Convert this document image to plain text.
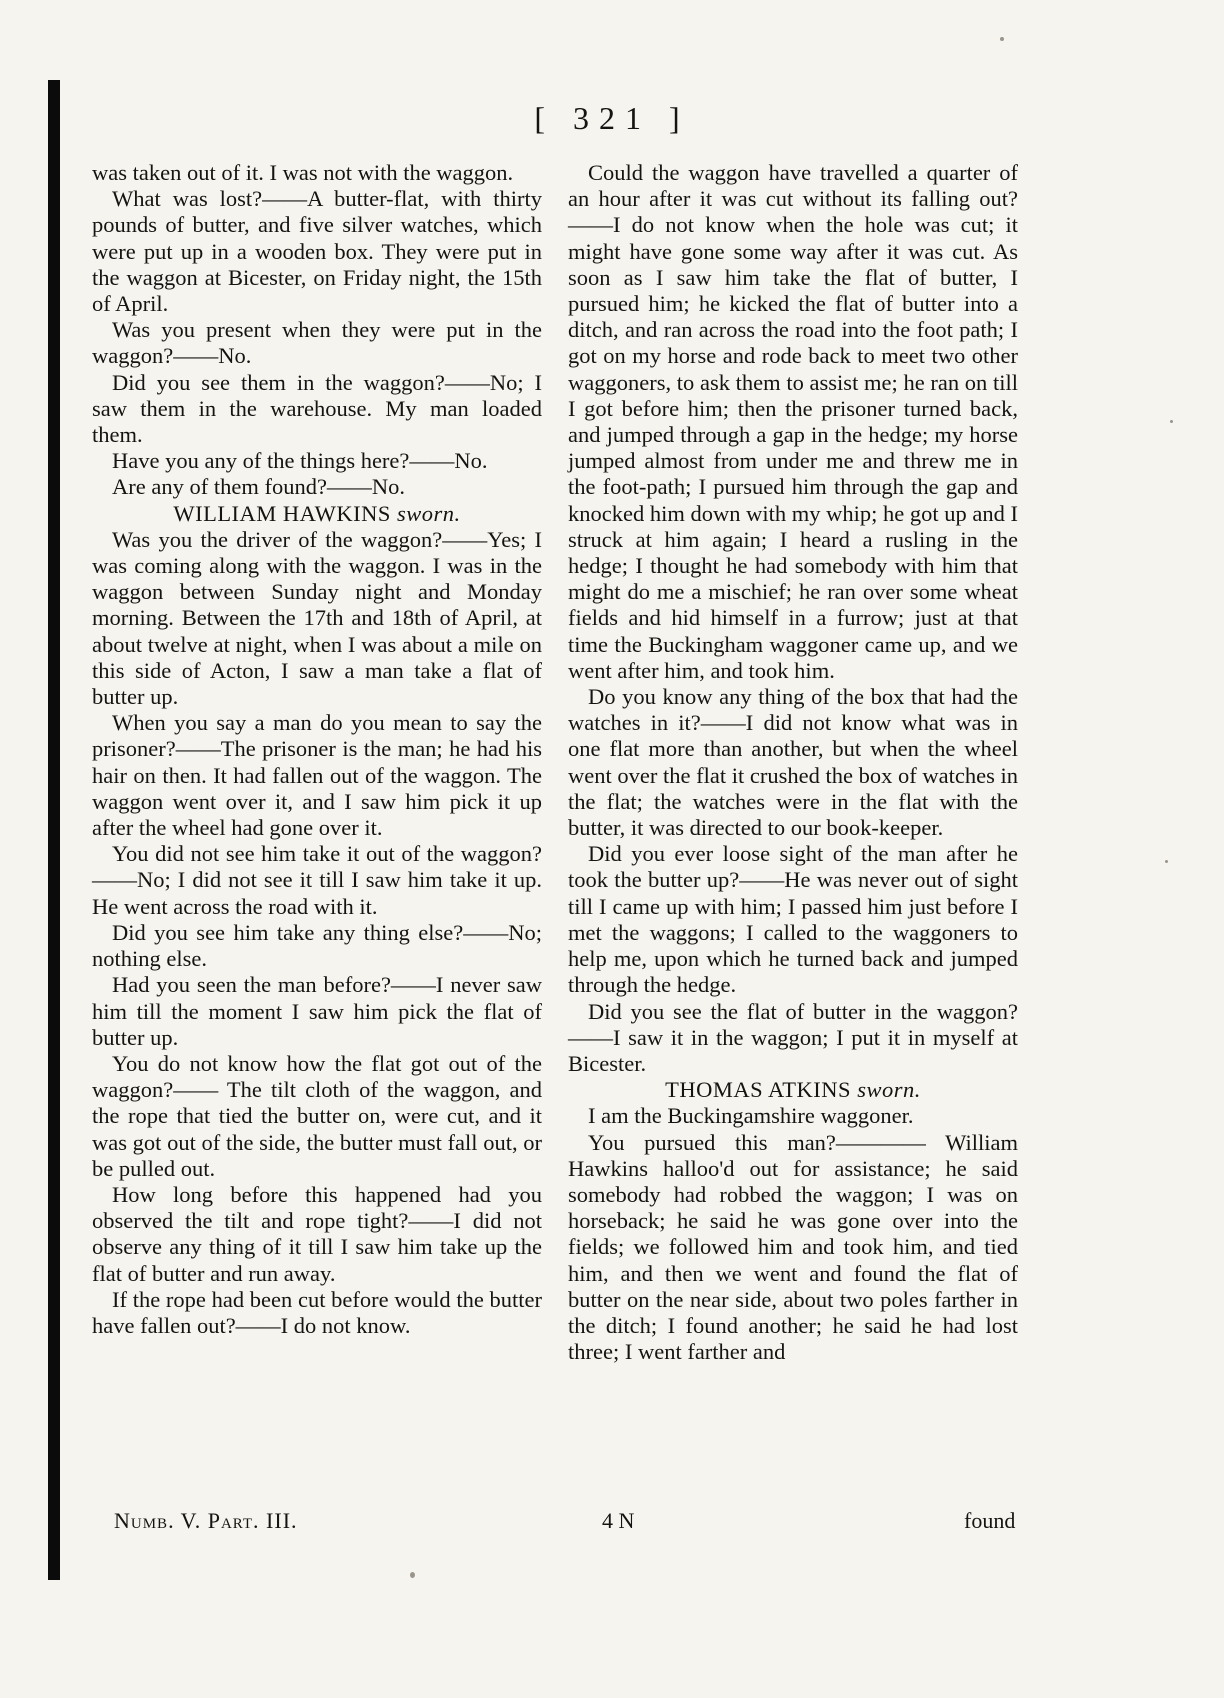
[ 321 ]

was taken out of it. I was not with the waggon.

What was lost?——A butter-flat, with thirty pounds of butter, and five silver watches, which were put up in a wooden box. They were put in the waggon at Bicester, on Friday night, the 15th of April.

Was you present when they were put in the waggon?——No.

Did you see them in the waggon?——No; I saw them in the warehouse. My man loaded them.

Have you any of the things here?——No.

Are any of them found?——No.

WILLIAM HAWKINS sworn.

Was you the driver of the waggon?——Yes; I was coming along with the waggon. I was in the waggon between Sunday night and Monday morning. Between the 17th and 18th of April, at about twelve at night, when I was about a mile on this side of Acton, I saw a man take a flat of butter up.

When you say a man do you mean to say the prisoner?——The prisoner is the man; he had his hair on then. It had fallen out of the waggon. The waggon went over it, and I saw him pick it up after the wheel had gone over it.

You did not see him take it out of the waggon?——No; I did not see it till I saw him take it up. He went across the road with it.

Did you see him take any thing else?——No; nothing else.

Had you seen the man before?——I never saw him till the moment I saw him pick the flat of butter up.

You do not know how the flat got out of the waggon?—— The tilt cloth of the waggon, and the rope that tied the butter on, were cut, and it was got out of the side, the butter must fall out, or be pulled out.

How long before this happened had you observed the tilt and rope tight?——I did not observe any thing of it till I saw him take up the flat of butter and run away.

If the rope had been cut before would the butter have fallen out?——I do not know.

Could the waggon have travelled a quarter of an hour after it was cut without its falling out?——I do not know when the hole was cut; it might have gone some way after it was cut. As soon as I saw him take the flat of butter, I pursued him; he kicked the flat of butter into a ditch, and ran across the road into the foot path; I got on my horse and rode back to meet two other waggoners, to ask them to assist me; he ran on till I got before him; then the prisoner turned back, and jumped through a gap in the hedge; my horse jumped almost from under me and threw me in the foot-path; I pursued him through the gap and knocked him down with my whip; he got up and I struck at him again; I heard a rusling in the hedge; I thought he had somebody with him that might do me a mischief; he ran over some wheat fields and hid himself in a furrow; just at that time the Buckingham waggoner came up, and we went after him, and took him.

Do you know any thing of the box that had the watches in it?——I did not know what was in one flat more than another, but when the wheel went over the flat it crushed the box of watches in the flat; the watches were in the flat with the butter, it was directed to our book-keeper.

Did you ever loose sight of the man after he took the butter up?——He was never out of sight till I came up with him; I passed him just before I met the waggons; I called to the waggoners to help me, upon which he turned back and jumped through the hedge.

Did you see the flat of butter in the waggon?——I saw it in the waggon; I put it in myself at Bicester.

THOMAS ATKINS sworn.

I am the Buckingamshire waggoner.

You pursued this man?———— William Hawkins halloo'd out for assistance; he said somebody had robbed the waggon; I was on horseback; he said he was gone over into the fields; we followed him and took him, and tied him, and then we went and found the flat of butter on the near side, about two poles farther in the ditch; I found another; he said he had lost three; I went farther and

Numb. V. Part. III.	4 N	found
